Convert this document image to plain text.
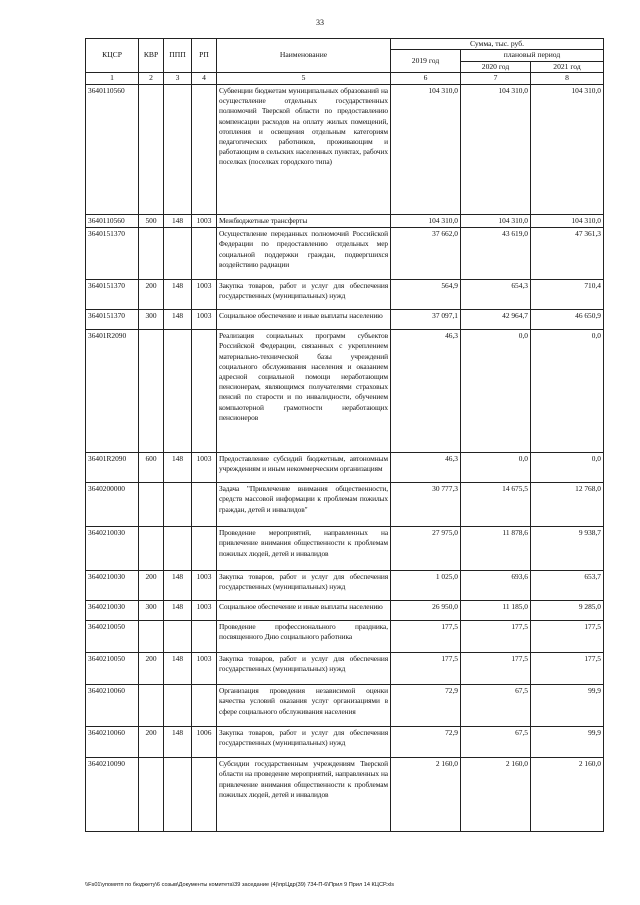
33
КЦСР	КВР	ППП	РП	Наименование	Сумма, тыс. руб.		
					2019 год	плановый период	
						2020 год	2021 год
1	2	3	4	5	6	7	8
3640110560				Субвенции бюджетам муниципальных образований на осуществление отдельных государственных полномочий Тверской области по предоставлению компенсации расходов на оплату жилых помещений, отопления и освещения отдельным категориям педагогических работников, проживающим и работающим в сельских населенных пунктах, рабочих поселках (поселках городского типа)	104 310,0	104 310,0	104 310,0
3640110560	500	148	1003	Межбюджетные трансферты	104 310,0	104 310,0	104 310,0
3640151370				Осуществление переданных полномочий Российской Федерации по предоставлению отдельных мер социальной поддержки граждан, подвергшихся воздействию радиации	37 662,0	43 619,0	47 361,3
3640151370	200	148	1003	Закупка товаров, работ и услуг для обеспечения государственных (муниципальных) нужд	564,9	654,3	710,4
3640151370	300	148	1003	Социальное обеспечение и иные выплаты населению	37 097,1	42 964,7	46 650,9
36401R2090				Реализация социальных программ субъектов Российской Федерации, связанных с укреплением материально-технической базы учреждений социального обслуживания населения и оказанием адресной социальной помощи неработающим пенсионерам, являющимся получателями страховых пенсий по старости и по инвалидности, обучением компьютерной грамотности неработающих пенсионеров	46,3	0,0	0,0
36401R2090	600	148	1003	Предоставление субсидий бюджетным, автономным учреждениям и иным некоммерческим организациям	46,3	0,0	0,0
3640200000				Задача "Привлечение внимания общественности, средств массовой информации к проблемам пожилых граждан, детей и инвалидов"	30 777,3	14 675,5	12 768,0
3640210030				Проведение мероприятий, направленных на привлечение внимания общественности к проблемам пожилых людей, детей и инвалидов	27 975,0	11 878,6	9 938,7
3640210030	200	148	1003	Закупка товаров, работ и услуг для обеспечения государственных (муниципальных) нужд	1 025,0	693,6	653,7
3640210030	300	148	1003	Социальное обеспечение и иные выплаты населению	26 950,0	11 185,0	9 285,0
3640210050				Проведение профессионального праздника, посвященного Дню социального работника	177,5	177,5	177,5
3640210050	200	148	1003	Закупка товаров, работ и услуг для обеспечения государственных (муниципальных) нужд	177,5	177,5	177,5
3640210060				Организация проведения независимой оценки качества условий оказания услуг организациями в сфере социального обслуживания населения	72,9	67,5	99,9
3640210060	200	148	1006	Закупка товаров, работ и услуг для обеспечения государственных (муниципальных) нужд	72,9	67,5	99,9
3640210090				Субсидии государственным учреждениям Тверской области на проведение мероприятий, направленных на привлечение внимания общественности к проблемам пожилых людей, детей и инвалидов	2 160,0	2 160,0	2 160,0
\\Fs01\упомятп по бюджету\6 созыв\Документы комитета\39 заседание (4)\прЦдр(39) 734-П-6\Прил 9 Прил 14 КЦСР.xls
